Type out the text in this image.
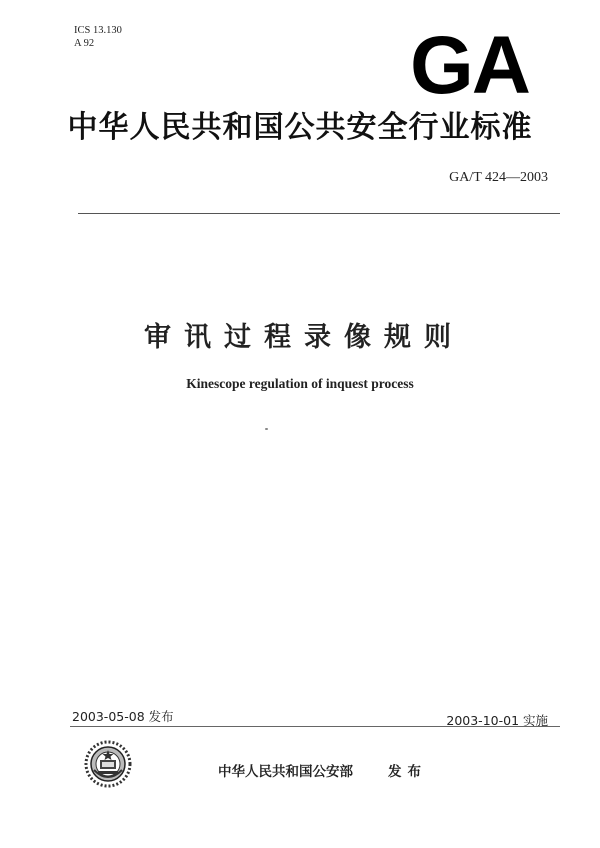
ICS 13.130
A 92	GA
中华人民共和国公共安全行业标准
GA/T 424—2003
审讯过程录像规则
Kinescope regulation of inquest process
2003-05-08 发布	2003-10-01 实施
中华人民共和国公安部	发布
